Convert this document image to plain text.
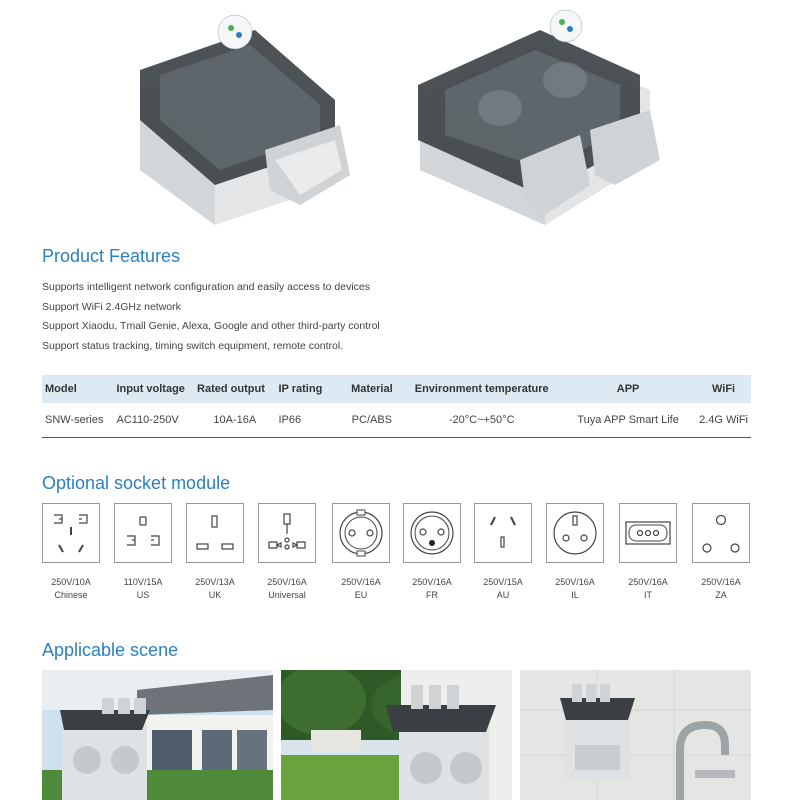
Product Features
Supports intelligent network configuration and easily access to devices
Support WiFi 2.4GHz network
Support Xiaodu, Tmall Genie, Alexa, Google and other third-party control
Support status tracking, timing switch equipment, remote control.
Model	Input voltage	Rated output	IP rating	Material	Environment temperature	APP	WiFi
SNW-series	AC110-250V	10A-16A	IP66	PC/ABS	-20°C~+50°C	Tuya APP Smart Life	2.4G WiFi
Optional socket module
250V/10A
Chinese
110V/15A
US
250V/13A
UK
250V/16A
Universal
250V/16A
EU
250V/16A
FR
250V/15A
AU
250V/16A
IL
250V/16A
IT
250V/16A
ZA
Applicable scene
